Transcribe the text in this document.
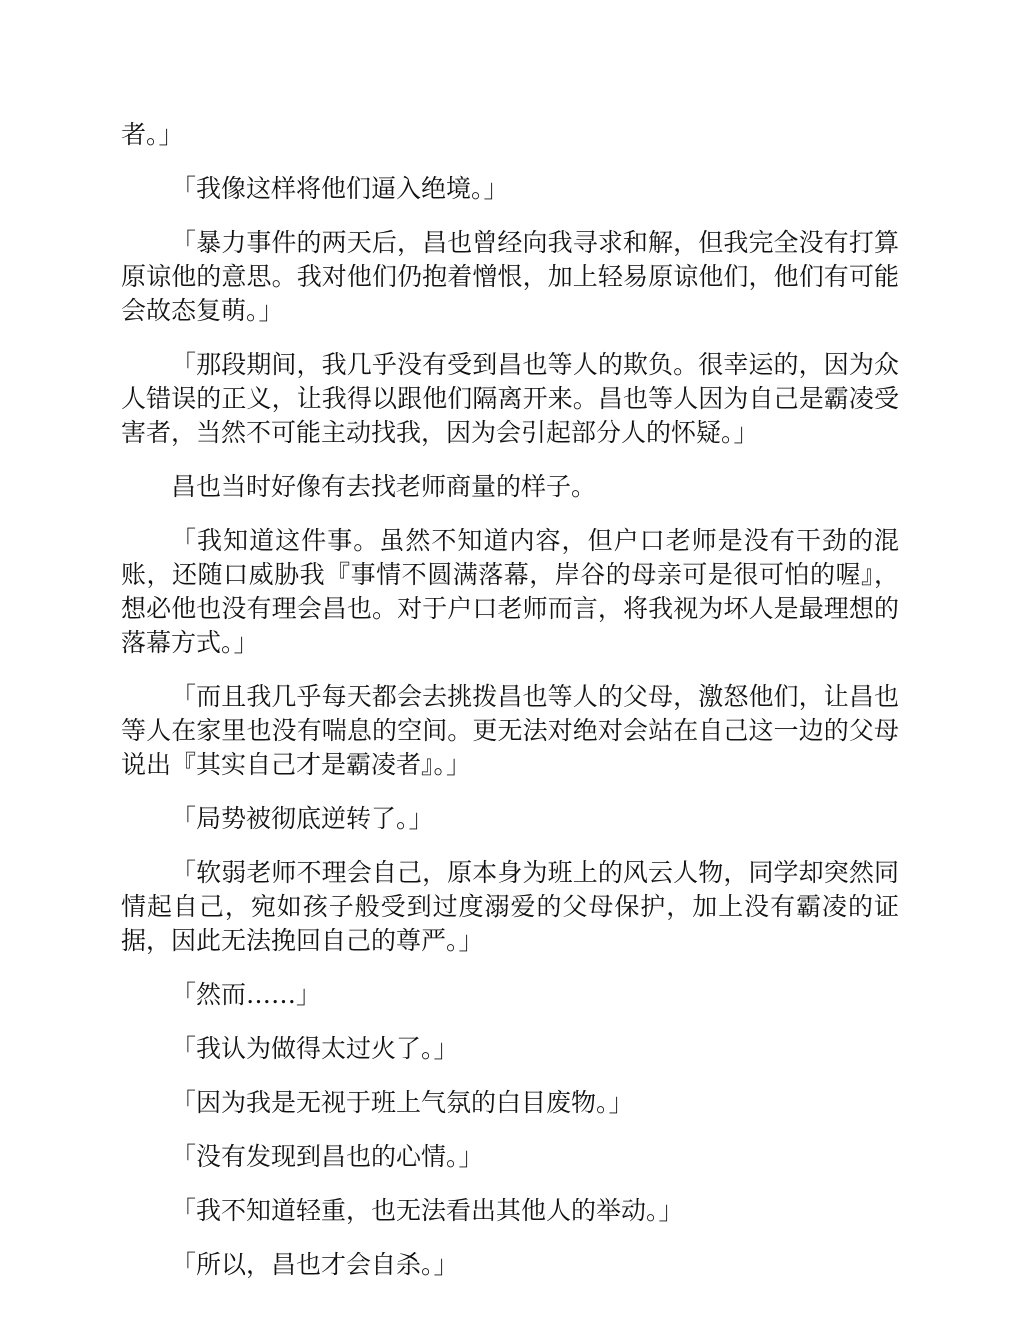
者。」

「我像这样将他们逼入绝境。」

「暴力事件的两天后，昌也曾经向我寻求和解，但我完全没有打算原谅他的意思。我对他们仍抱着憎恨，加上轻易原谅他们，他们有可能会故态复萌。」

「那段期间，我几乎没有受到昌也等人的欺负。很幸运的，因为众人错误的正义，让我得以跟他们隔离开来。昌也等人因为自己是霸凌受害者，当然不可能主动找我，因为会引起部分人的怀疑。」

昌也当时好像有去找老师商量的样子。

「我知道这件事。虽然不知道内容，但户口老师是没有干劲的混账，还随口威胁我『事情不圆满落幕，岸谷的母亲可是很可怕的喔』，想必他也没有理会昌也。对于户口老师而言，将我视为坏人是最理想的落幕方式。」

「而且我几乎每天都会去挑拨昌也等人的父母，激怒他们，让昌也等人在家里也没有喘息的空间。更无法对绝对会站在自己这一边的父母说出『其实自己才是霸凌者』。」

「局势被彻底逆转了。」

「软弱老师不理会自己，原本身为班上的风云人物，同学却突然同情起自己，宛如孩子般受到过度溺爱的父母保护，加上没有霸凌的证据，因此无法挽回自己的尊严。」

「然而……」

「我认为做得太过火了。」

「因为我是无视于班上气氛的白目废物。」

「没有发现到昌也的心情。」

「我不知道轻重，也无法看出其他人的举动。」

「所以，昌也才会自杀。」
